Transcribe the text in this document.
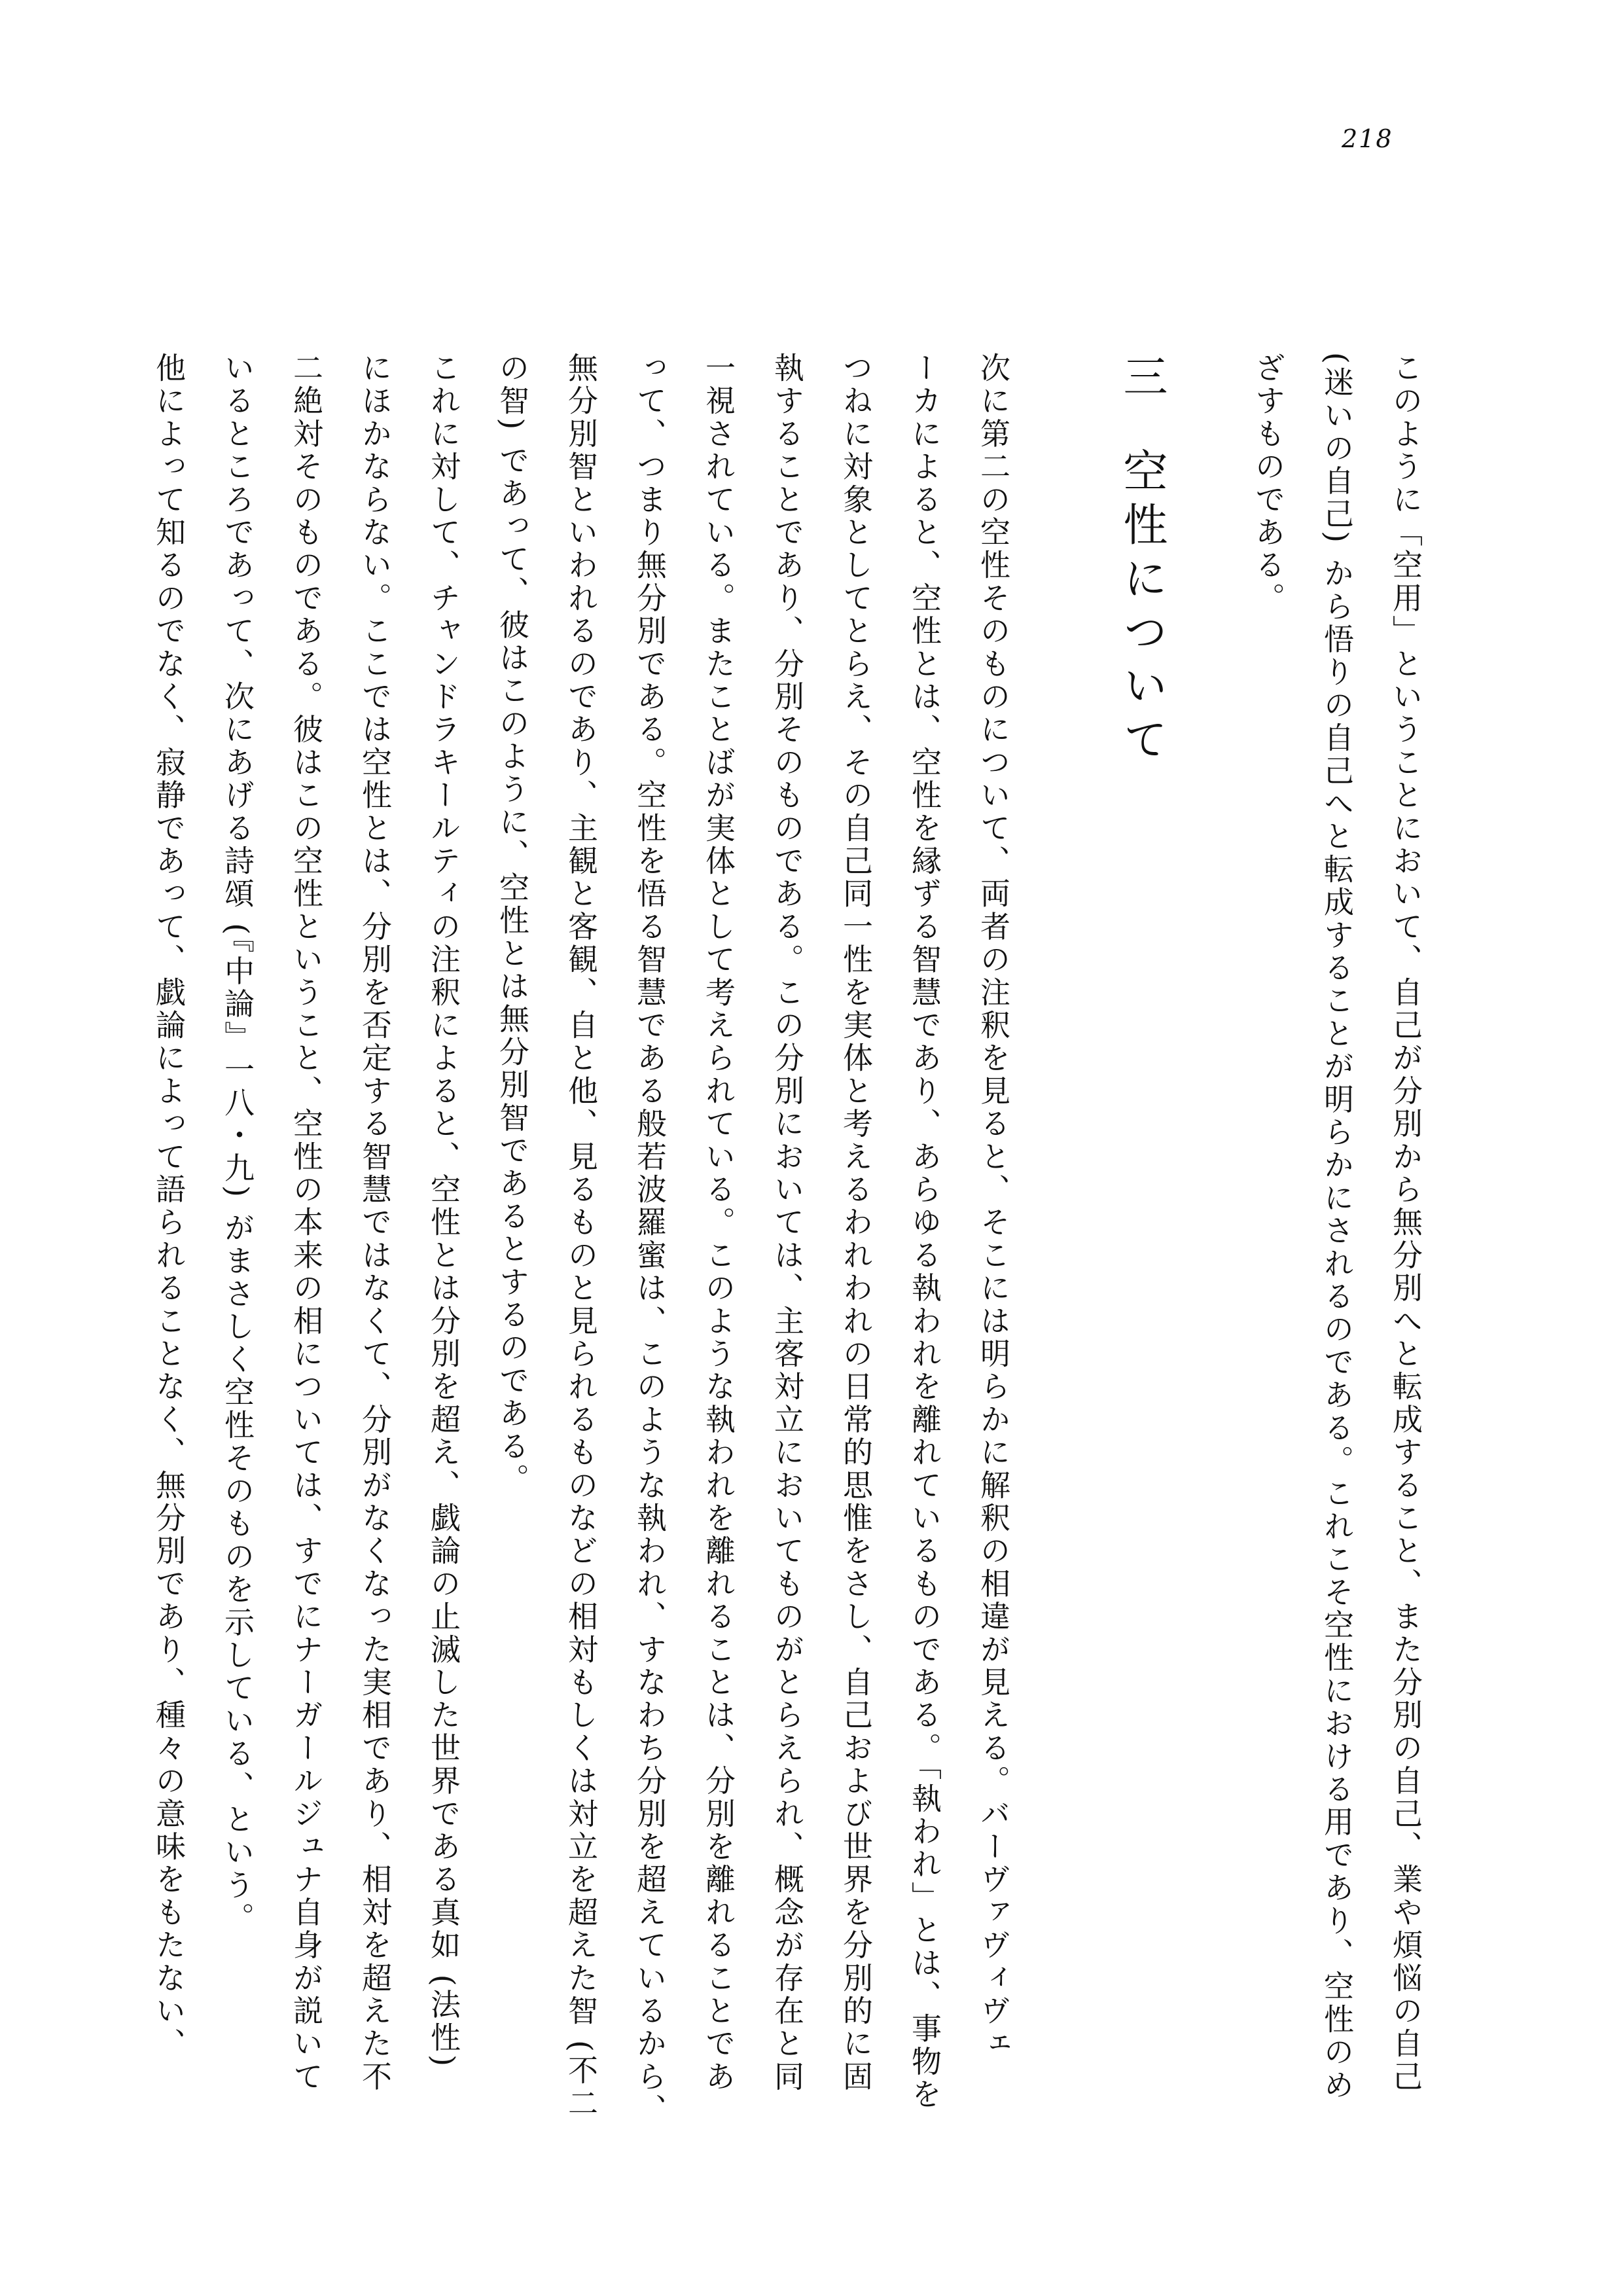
218
このように「空用」ということにおいて、自己が分別から無分別へと転成すること、また分別の自己、業や煩悩の自己
(迷いの自己) から悟りの自己へと転成することが明らかにされるのである。これこそ空性における用であり、空性のめ
ざすものである。
三空性について
次に第二の空性そのものについて、両者の注釈を見ると、そこには明らかに解釈の相違が見える。バーヴァヴィヴェ
ーカによると、空性とは、空性を縁ずる智慧であり、あらゆる執われを離れているものである。「執われ」とは、事物を
つねに対象としてとらえ、その自己同一性を実体と考えるわれわれの日常的思惟をさし、自己および世界を分別的に固
執することであり、分別そのものである。この分別においては、主客対立においてものがとらえられ、概念が存在と同
一視されている。またことばが実体として考えられている。このような執われを離れることは、分別を離れることであ
って、つまり無分別である。空性を悟る智慧である般若波羅蜜は、このような執われ、すなわち分別を超えているから、
無分別智といわれるのであり、主観と客観、自と他、見るものと見られるものなどの相対もしくは対立を超えた智 (不二
の智) であって、彼はこのように、空性とは無分別智であるとするのである。
これに対して、チャンドラキールティの注釈によると、空性とは分別を超え、戯論の止滅した世界である真如 (法性)
にほかならない。ここでは空性とは、分別を否定する智慧ではなくて、分別がなくなった実相であり、相対を超えた不
二絶対そのものである。彼はこの空性ということ、空性の本来の相については、すでにナーガールジュナ自身が説いて
いるところであって、次にあげる詩頌 (『中論』一八・九) がまさしく空性そのものを示している、という。
他によって知るのでなく、寂静であって、戯論によって語られることなく、無分別であり、種々の意味をもたない、
